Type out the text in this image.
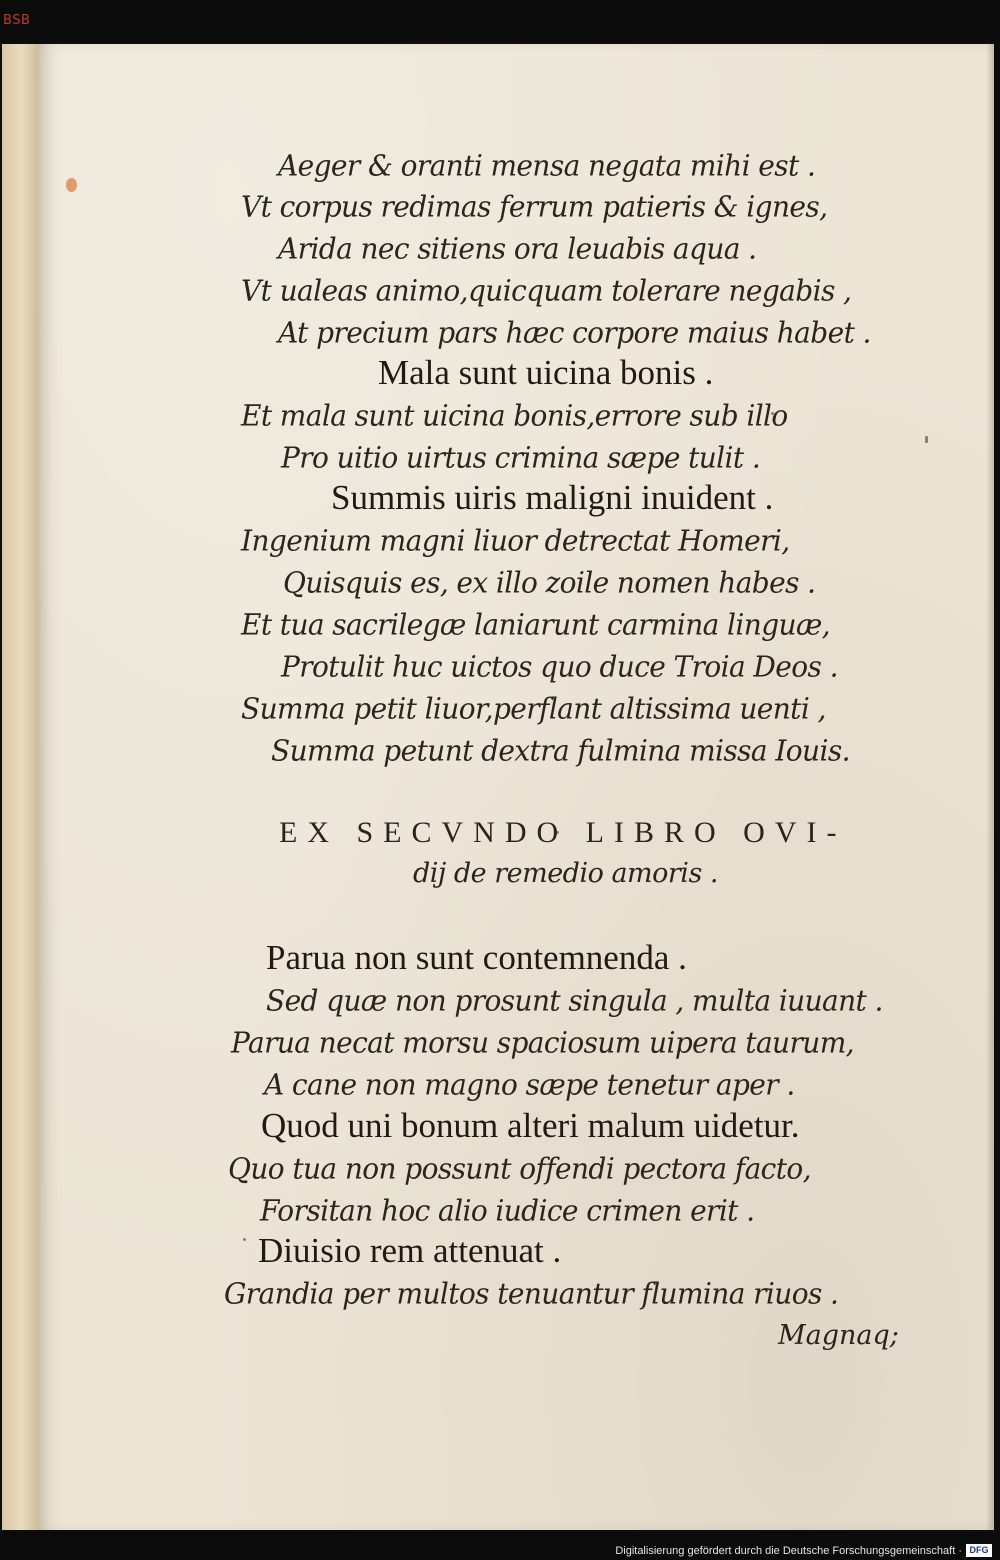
BSB
Aeger & oranti mensa negata mihi est .
Vt corpus redimas ferrum patieris & ignes,
Arida nec sitiens ora leuabis aqua .
Vt ualeas animo,quicquam tolerare negabis ,
At precium pars hæc corpore maius habet .
Mala sunt uicina bonis .
Et mala sunt uicina bonis,errore sub illo
Pro uitio uirtus crimina sæpe tulit .
Summis uiris maligni inuident .
Ingenium magni liuor detrectat Homeri,
Quisquis es, ex illo zoile nomen habes .
Et tua sacrilegæ laniarunt carmina linguæ,
Protulit huc uictos quo duce Troia Deos .
Summa petit liuor,perflant altissima uenti ,
Summa petunt dextra fulmina missa Iouis.
EX SECVNDO LIBRO OVI-
dij de remedio amoris .
Parua non sunt contemnenda .
Sed quæ non prosunt singula , multa iuuant .
Parua necat morsu spaciosum uipera taurum,
A cane non magno sæpe tenetur aper .
Quod uni bonum alteri malum uidetur.
Quo tua non possunt offendi pectora facto,
Forsitan hoc alio iudice crimen erit .
Diuisio rem attenuat .
Grandia per multos tenuantur flumina riuos .
Magnaq;
Digitalisierung gefördert durch die Deutsche Forschungsgemeinschaft · DFG
